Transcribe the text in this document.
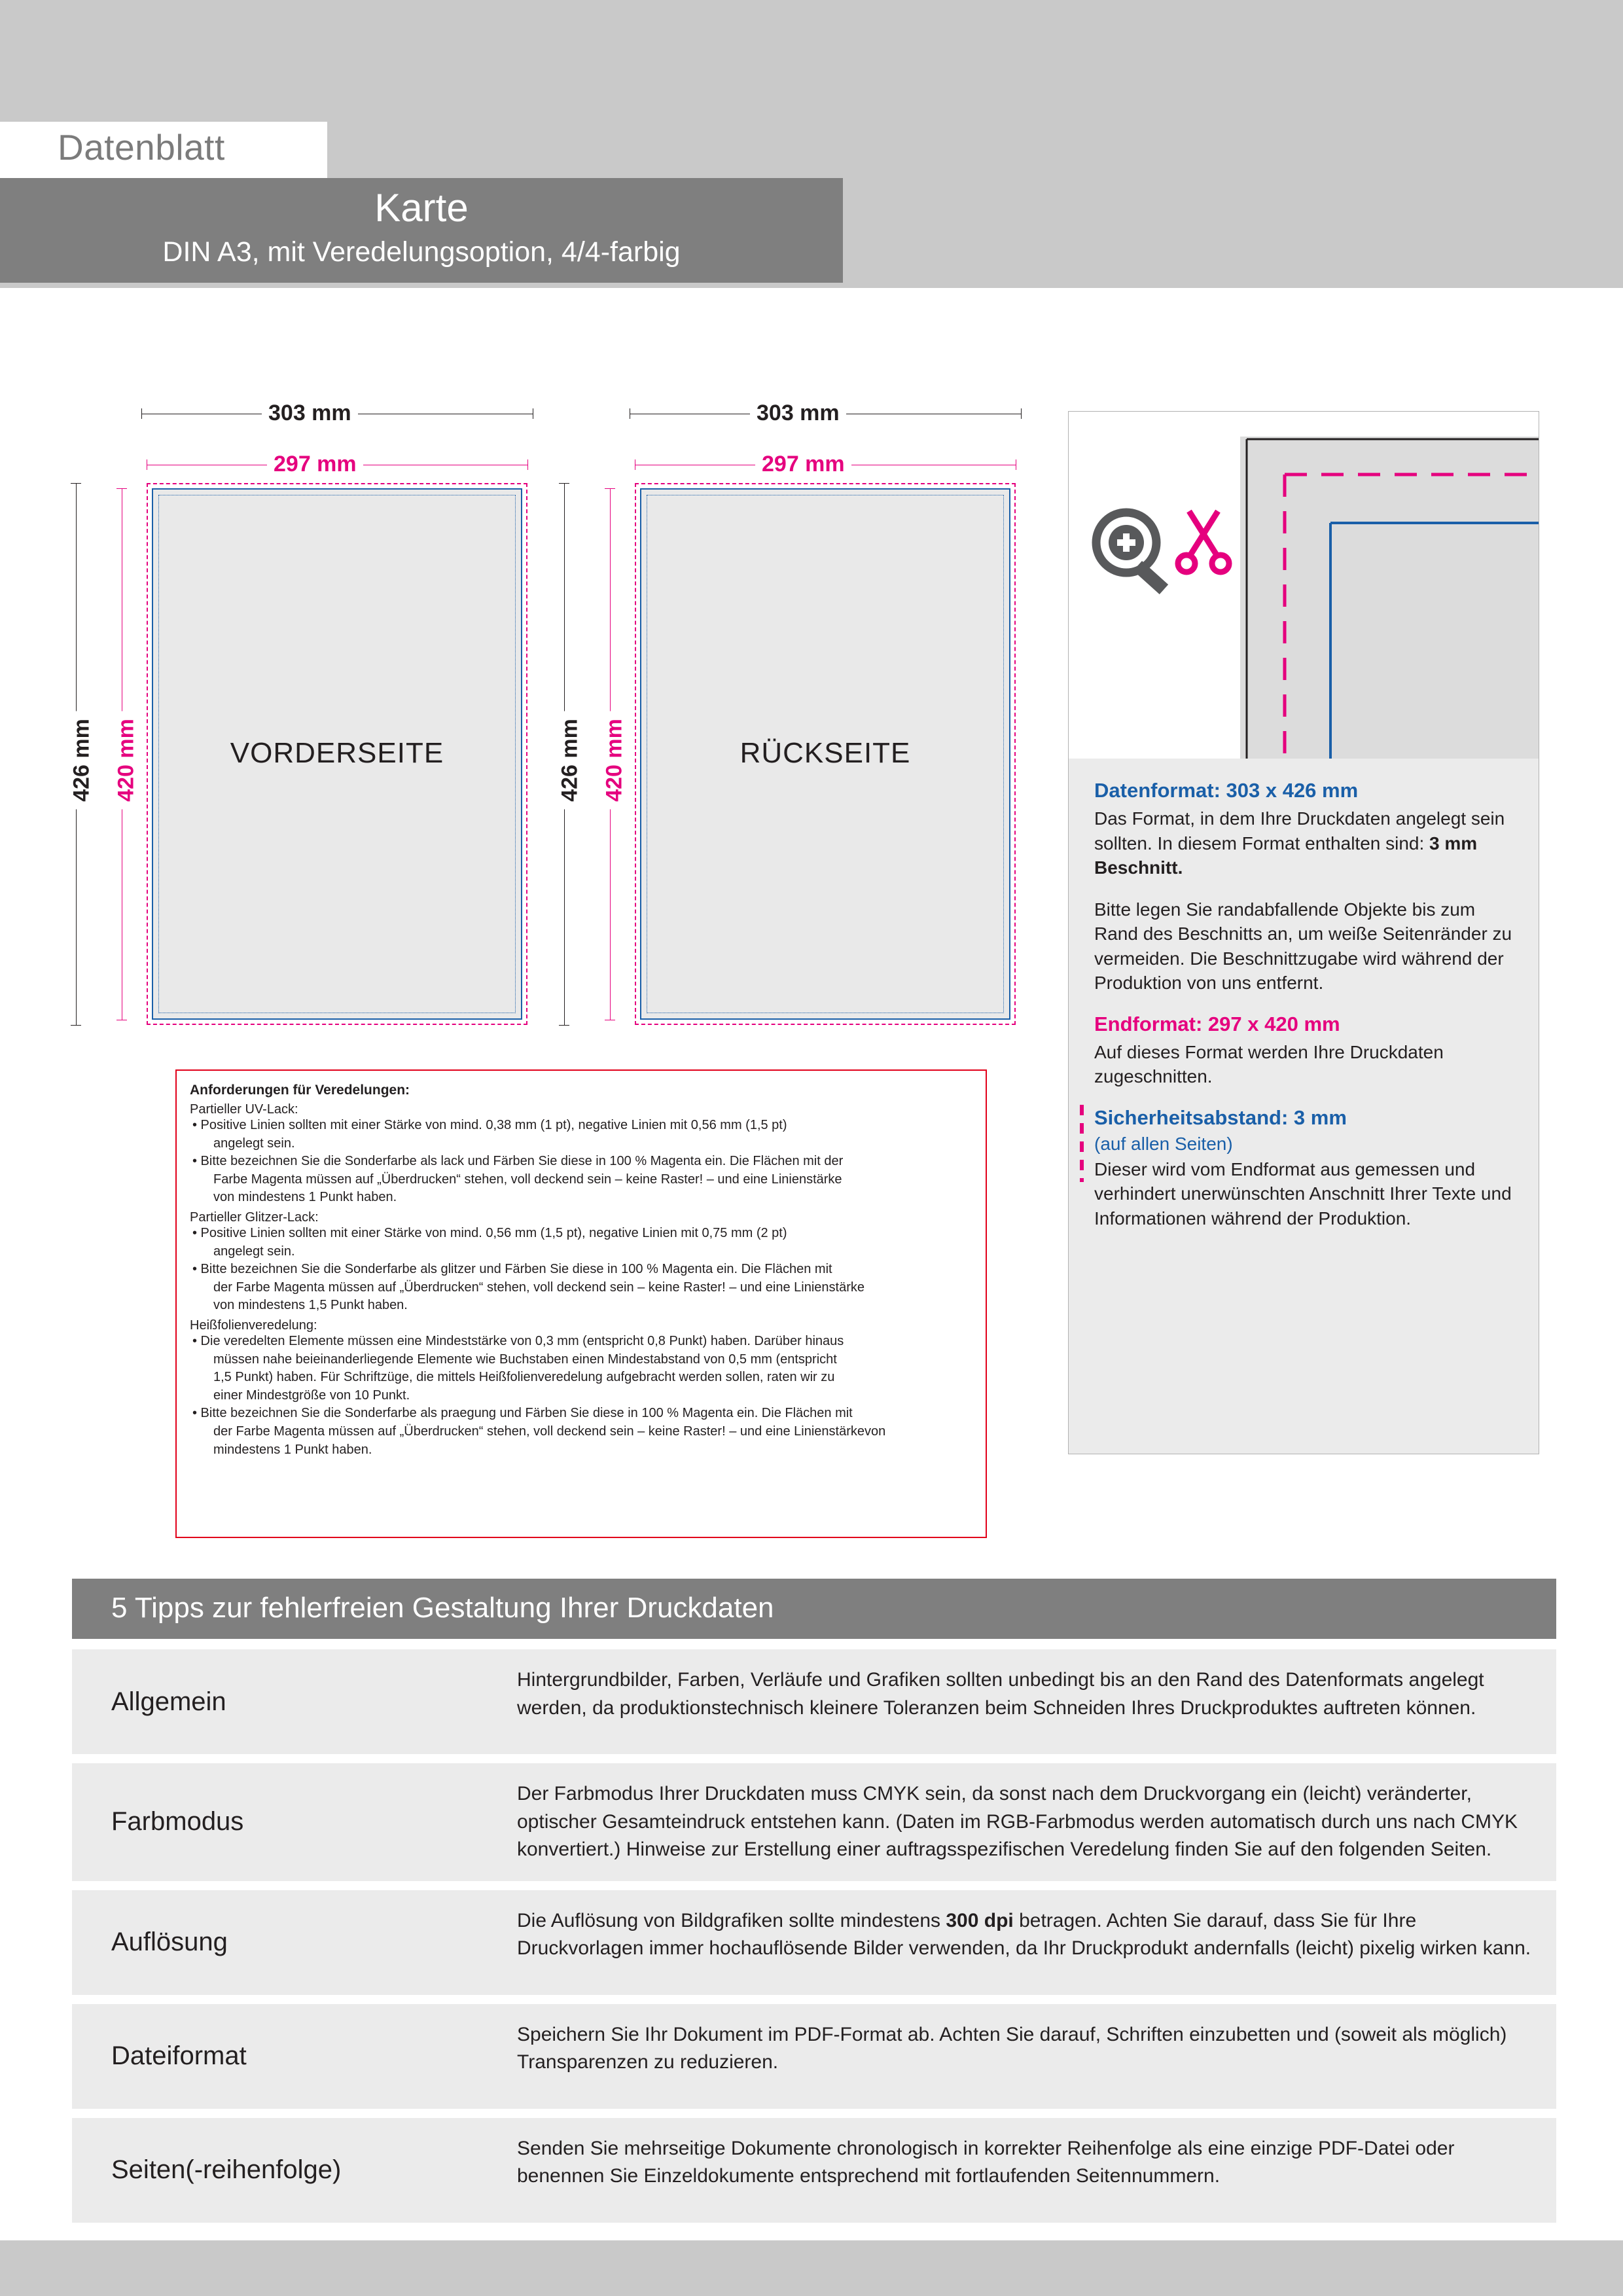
Datenblatt
Karte
DIN A3, mit Veredelungsoption, 4/4-farbig
VORDERSEITE
303 mm
297 mm
426 mm 420 mm	RÜCKSEITE
303 mm
297 mm
426 mm 420 mm
Anforderungen für Veredelungen:
Partieller UV-Lack:
• Positive Linien sollten mit einer Stärke von mind. 0,38 mm (1 pt), negative Linien mit 0,56 mm (1,5 pt)
angelegt sein.
• Bitte bezeichnen Sie die Sonderfarbe als lack und Färben Sie diese in 100 % Magenta ein. Die Flächen mit der
Farbe Magenta müssen auf „Überdrucken“ stehen, voll deckend sein – keine Raster! – und eine Linienstärke
von mindestens 1 Punkt haben.
Partieller Glitzer-Lack:
• Positive Linien sollten mit einer Stärke von mind. 0,56 mm (1,5 pt), negative Linien mit 0,75 mm (2 pt)
angelegt sein.
• Bitte bezeichnen Sie die Sonderfarbe als glitzer und Färben Sie diese in 100 % Magenta ein. Die Flächen mit
der Farbe Magenta müssen auf „Überdrucken“ stehen, voll deckend sein – keine Raster! – und eine Linienstärke
von mindestens 1,5 Punkt haben.
Heißfolienveredelung:
• Die veredelten Elemente müssen eine Mindeststärke von 0,3 mm (entspricht 0,8 Punkt) haben. Darüber hinaus
müssen nahe beieinanderliegende Elemente wie Buchstaben einen Mindestabstand von 0,5 mm (entspricht
1,5 Punkt) haben. Für Schriftzüge, die mittels Heißfolienveredelung aufgebracht werden sollen, raten wir zu
einer Mindestgröße von 10 Punkt.
• Bitte bezeichnen Sie die Sonderfarbe als praegung und Färben Sie diese in 100 % Magenta ein. Die Flächen mit
der Farbe Magenta müssen auf „Überdrucken“ stehen, voll deckend sein – keine Raster! – und eine Linienstärkevon
mindestens 1 Punkt haben.
Datenformat: 303 x 426 mm
Das Format, in dem Ihre Druckdaten angelegt sein sollten. In diesem Format enthalten sind: 3 mm Beschnitt.
Bitte legen Sie randabfallende Objekte bis zum Rand des Beschnitts an, um weiße Seitenränder zu vermeiden. Die Beschnittzugabe wird während der Produktion von uns entfernt.
Endformat: 297 x 420 mm
Auf dieses Format werden Ihre Druckdaten zugeschnitten.
Sicherheitsabstand: 3 mm
(auf allen Seiten)
Dieser wird vom Endformat aus gemessen und verhindert unerwünschten Anschnitt Ihrer Texte und Informationen während der Produktion.
5 Tipps zur fehlerfreien Gestaltung Ihrer Druckdaten
Allgemein
Hintergrundbilder, Farben, Verläufe und Grafiken sollten unbedingt bis an den Rand des Datenformats angelegt werden, da produktionstechnisch kleinere Toleranzen beim Schneiden Ihres Druckproduktes auftreten können.
Farbmodus
Der Farbmodus Ihrer Druckdaten muss CMYK sein, da sonst nach dem Druckvorgang ein (leicht) veränderter, optischer Gesamteindruck entstehen kann. (Daten im RGB-Farbmodus werden automatisch durch uns nach CMYK konvertiert.) Hinweise zur Erstellung einer auftragsspezifischen Veredelung finden Sie auf den folgenden Seiten.
Auflösung
Die Auflösung von Bildgrafiken sollte mindestens 300 dpi betragen. Achten Sie darauf, dass Sie für Ihre Druckvorlagen immer hochauflösende Bilder verwenden, da Ihr Druckprodukt andernfalls (leicht) pixelig wirken kann.
Dateiformat
Speichern Sie Ihr Dokument im PDF-Format ab. Achten Sie darauf, Schriften einzubetten und (soweit als möglich) Transparenzen zu reduzieren.
Seiten(-reihenfolge)
Senden Sie mehrseitige Dokumente chronologisch in korrekter Reihenfolge als eine einzige PDF-Datei oder benennen Sie Einzeldokumente entsprechend mit fortlaufenden Seitennummern.
